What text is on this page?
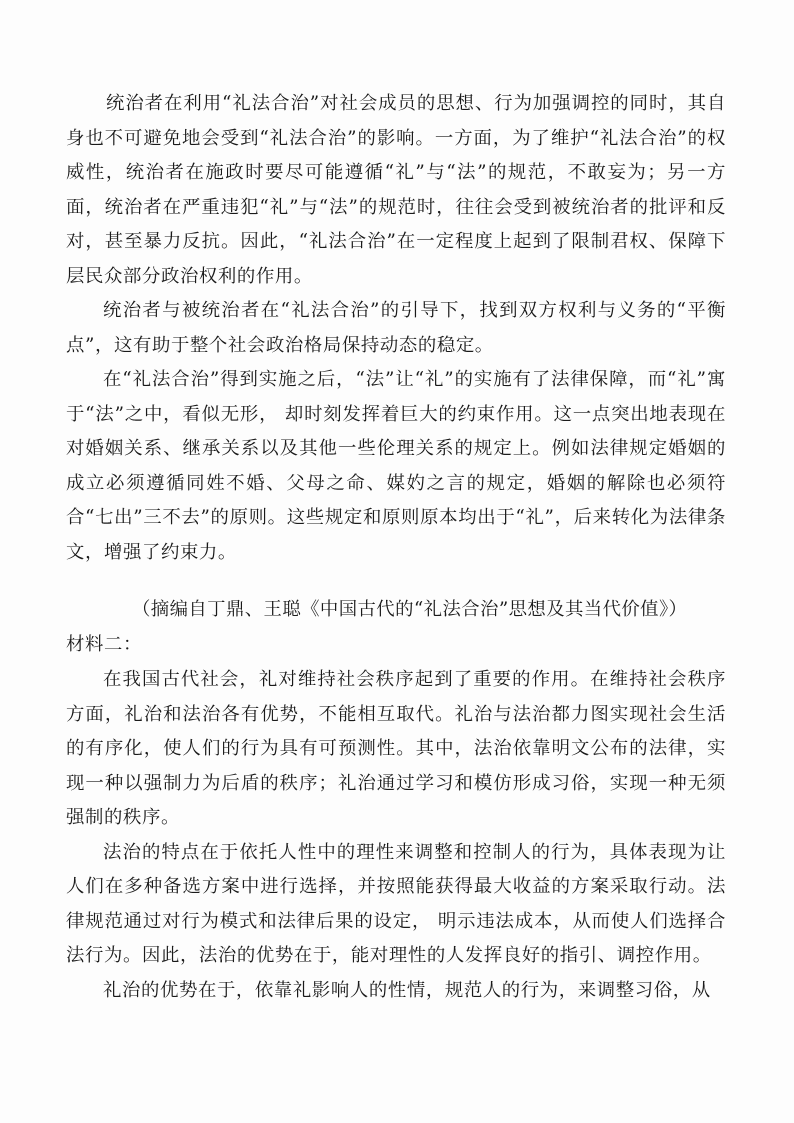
统治者在利用“礼法合治”对社会成员的思想、行为加强调控的同时，其自身也不可避免地会受到“礼法合治”的影响。一方面，为了维护“礼法合治”的权威性，统治者在施政时要尽可能遵循“礼”与“法”的规范，不敢妄为；另一方面，统治者在严重违犯“礼”与“法”的规范时，往往会受到被统治者的批评和反对，甚至暴力反抗。因此，“礼法合治”在一定程度上起到了限制君权、保障下层民众部分政治权利的作用。

统治者与被统治者在“礼法合治”的引导下，找到双方权利与义务的“平衡点”，这有助于整个社会政治格局保持动态的稳定。

在“礼法合治”得到实施之后，“法”让“礼”的实施有了法律保障，而“礼”寓于“法”之中，看似无形， 却时刻发挥着巨大的约束作用。这一点突出地表现在对婚姻关系、继承关系以及其他一些伦理关系的规定上。例如法律规定婚姻的成立必须遵循同姓不婚、父母之命、媒妁之言的规定，婚姻的解除也必须符合“七出”三不去”的原则。这些规定和原则原本均出于“礼”，后来转化为法律条文，增强了约束力。

（摘编自丁鼎、王聪《中国古代的“礼法合治”思想及其当代价值》）
材料二：

在我国古代社会，礼对维持社会秩序起到了重要的作用。在维持社会秩序方面，礼治和法治各有优势，不能相互取代。礼治与法治都力图实现社会生活的有序化，使人们的行为具有可预测性。其中，法治依靠明文公布的法律，实现一种以强制力为后盾的秩序；礼治通过学习和模仿形成习俗，实现一种无须强制的秩序。

法治的特点在于依托人性中的理性来调整和控制人的行为，具体表现为让人们在多种备选方案中进行选择，并按照能获得最大收益的方案采取行动。法律规范通过对行为模式和法律后果的设定， 明示违法成本，从而使人们选择合法行为。因此，法治的优势在于，能对理性的人发挥良好的指引、调控作用。

礼治的优势在于，依靠礼影响人的性情，规范人的行为，来调整习俗，从
